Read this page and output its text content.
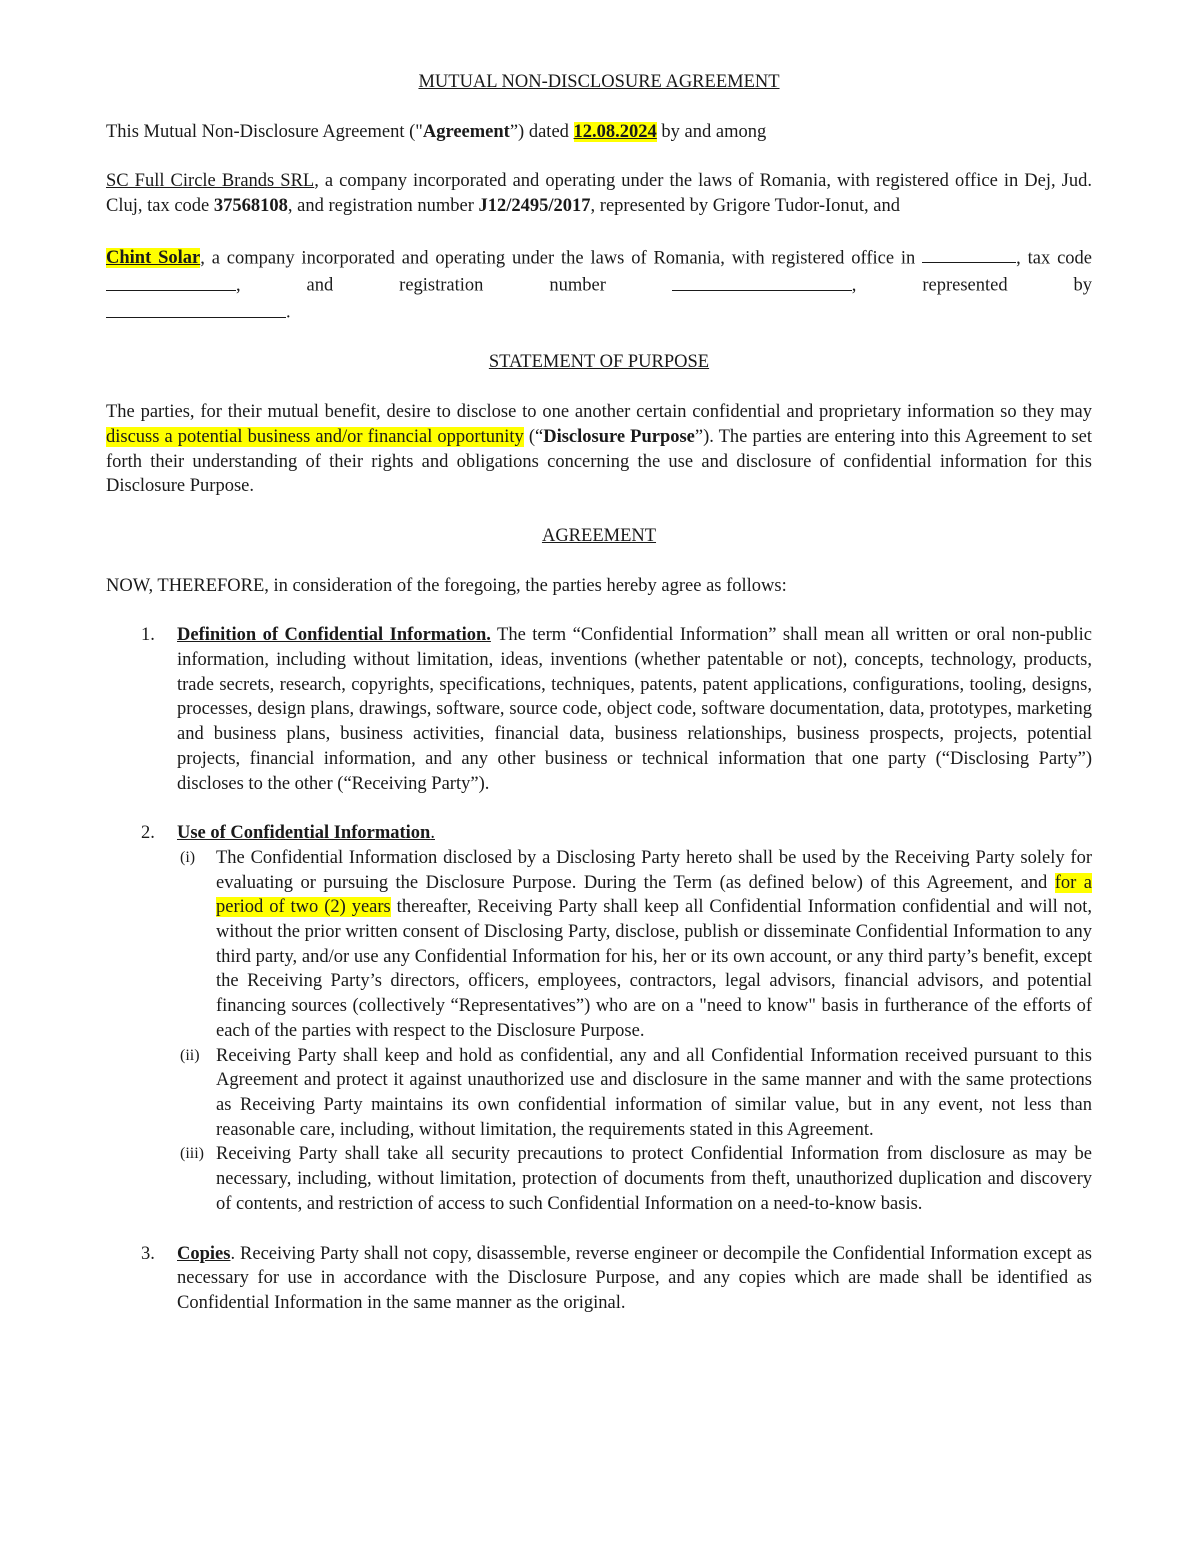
MUTUAL NON-DISCLOSURE AGREEMENT

This Mutual Non-Disclosure Agreement ("Agreement”) dated 12.08.2024 by and among

SC Full Circle Brands SRL, a company incorporated and operating under the laws of Romania, with registered office in Dej, Jud. Cluj, tax code 37568108, and registration number J12/2495/2017, represented by Grigore Tudor-Ionut, and

Chint Solar, a company incorporated and operating under the laws of Romania, with registered office in	, tax code , and registration number	, represented by

.

STATEMENT OF PURPOSE

The parties, for their mutual benefit, desire to disclose to one another certain confidential and proprietary information so they may discuss a potential business and/or financial opportunity (“Disclosure Purpose”). The parties are entering into this Agreement to set forth their understanding of their rights and obligations concerning the use and disclosure of confidential information for this Disclosure Purpose.

AGREEMENT

NOW, THEREFORE, in consideration of the foregoing, the parties hereby agree as follows:

1. Definition of Confidential Information. The term “Confidential Information” shall mean all written or oral non-public information, including without limitation, ideas, inventions (whether patentable or not), concepts, technology, products, trade secrets, research, copyrights, specifications, techniques, patents, patent applications, configurations, tooling, designs, processes, design plans, drawings, software, source code, object code, software documentation, data, prototypes, marketing and business plans, business activities, financial data, business relationships, business prospects, projects, potential projects, financial information, and any other business or technical information that one party (“Disclosing Party”) discloses to the other (“Receiving Party”).
2. Use of Confidential Information.
(i) The Confidential Information disclosed by a Disclosing Party hereto shall be used by the Receiving Party solely for evaluating or pursuing the Disclosure Purpose. During the Term (as defined below) of this Agreement, and for a period of two (2) years thereafter, Receiving Party shall keep all Confidential Information confidential and will not, without the prior written consent of Disclosing Party, disclose, publish or disseminate Confidential Information to any third party, and/or use any Confidential Information for his, her or its own account, or any third party’s benefit, except the Receiving Party’s directors, officers, employees, contractors, legal advisors, financial advisors, and potential financing sources (collectively “Representatives”) who are on a "need to know" basis in furtherance of the efforts of each of the parties with respect to the Disclosure Purpose.
(ii) Receiving Party shall keep and hold as confidential, any and all Confidential Information received pursuant to this Agreement and protect it against unauthorized use and disclosure in the same manner and with the same protections as Receiving Party maintains its own confidential information of similar value, but in any event, not less than reasonable care, including, without limitation, the requirements stated in this Agreement.
(iii) Receiving Party shall take all security precautions to protect Confidential Information from disclosure as may be necessary, including, without limitation, protection of documents from theft, unauthorized duplication and discovery of contents, and restriction of access to such Confidential Information on a need-to-know basis.
3. Copies. Receiving Party shall not copy, disassemble, reverse engineer or decompile the Confidential Information except as necessary for use in accordance with the Disclosure Purpose, and any copies which are made shall be identified as Confidential Information in the same manner as the original.
